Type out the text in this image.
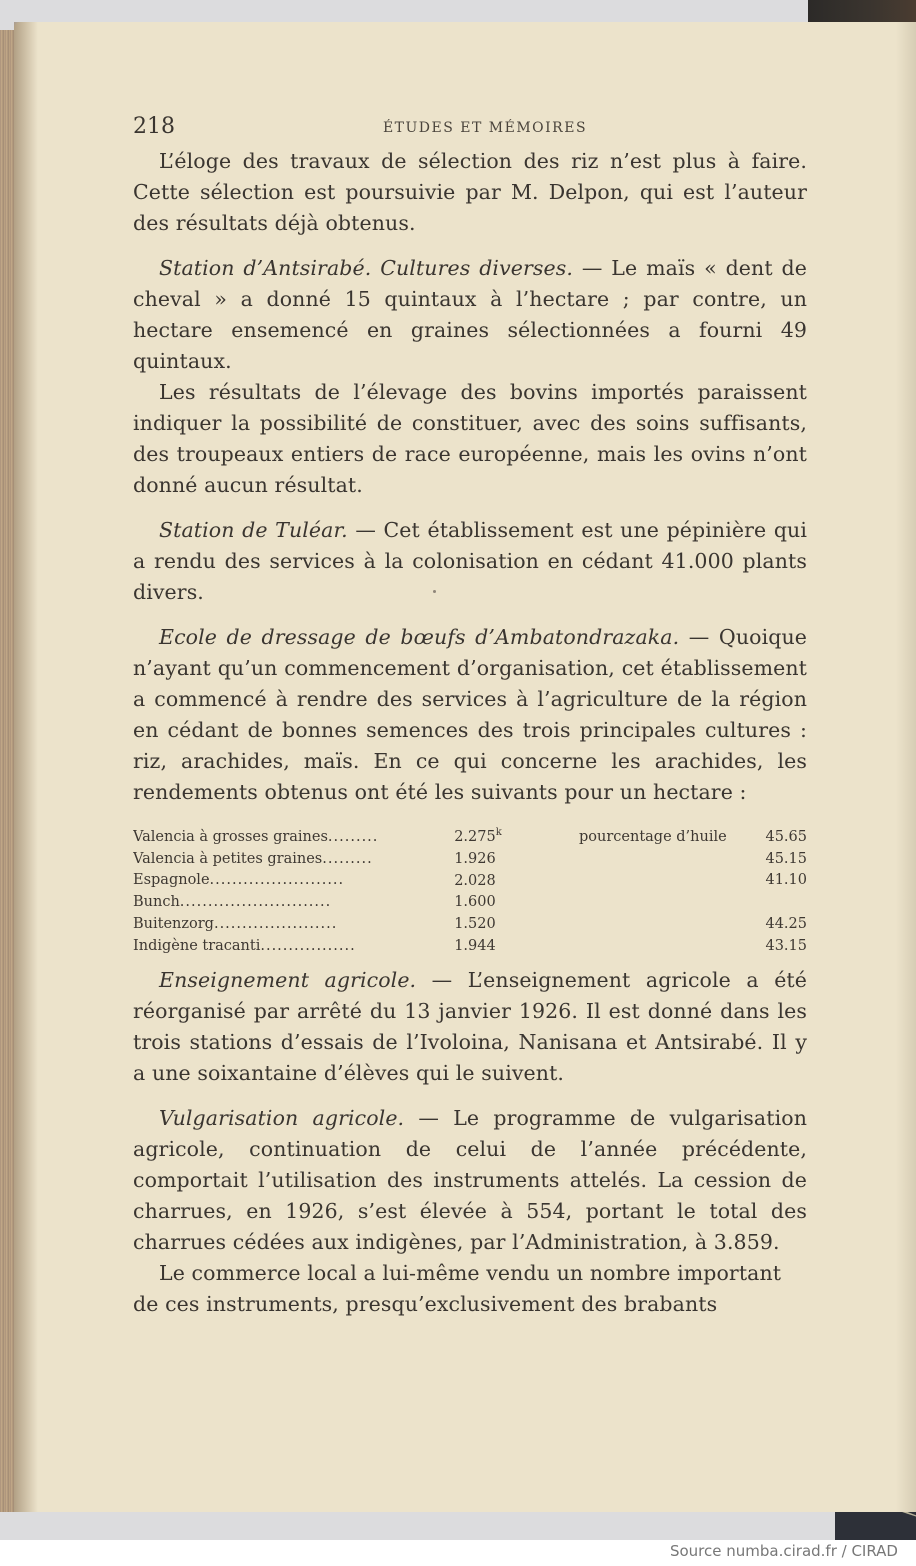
218	ÉTUDES ET MÉMOIRES

L’éloge des travaux de sélection des riz n’est plus à faire. Cette sélection est poursuivie par M. Delpon, qui est l’auteur des résultats déjà obtenus.

Station d’Antsirabé. Cultures diverses. — Le maïs « dent de cheval » a donné 15 quintaux à l’hectare ; par contre, un hectare ensemencé en graines sélectionnées a fourni 49 quintaux.

Les résultats de l’élevage des bovins importés paraissent indiquer la possibilité de constituer, avec des soins suffisants, des troupeaux entiers de race européenne, mais les ovins n’ont donné aucun résultat.

Station de Tuléar. — Cet établissement est une pépinière qui a rendu des services à la colonisation en cédant 41.000 plants divers.

Ecole de dressage de bœufs d’Ambatondrazaka. — Quoique n’ayant qu’un commencement d’organisation, cet établissement a commencé à rendre des services à l’agriculture de la région en cédant de bonnes semences des trois principales cultures : riz, arachides, maïs. En ce qui concerne les arachides, les rendements obtenus ont été les suivants pour un hectare :

Valencia à grosses graines.........	2.275$^k$	pourcentage d’huile	45.65
Valencia à petites graines.........	1.926	45.15
Espagnole........................	2.028	41.10
Bunch...........................	1.600
Buitenzorg......................	1.520	44.25
Indigène tracanti.................	1.944	43.15

Enseignement agricole. — L’enseignement agricole a été réorganisé par arrêté du 13 janvier 1926. Il est donné dans les trois stations d’essais de l’Ivoloina, Nanisana et Antsirabé. Il y a une soixantaine d’élèves qui le suivent.

Vulgarisation agricole. — Le programme de vulgarisation agricole, continuation de celui de l’année précédente, comportait l’utilisation des instruments attelés. La cession de charrues, en 1926, s’est élevée à 554, portant le total des charrues cédées aux indigènes, par l’Administration, à 3.859.

Le commerce local a lui-même vendu un nombre important de ces instruments, presqu’exclusivement des brabants

Source numba.cirad.fr / CIRAD
